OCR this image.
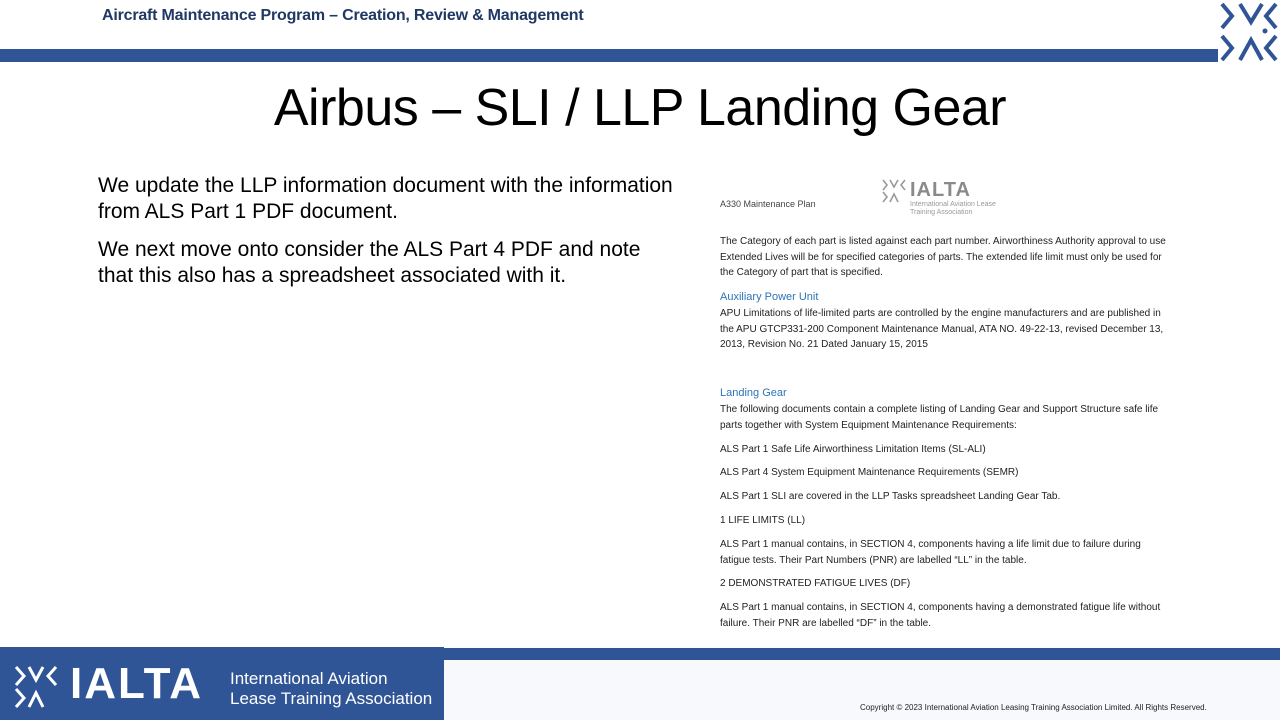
Aircraft Maintenance Program – Creation, Review & Management
Airbus – SLI / LLP Landing Gear

We update the LLP information document with the information from ALS Part 1 PDF document.

We next move onto consider the ALS Part 4 PDF and note that this also has a spreadsheet associated with it.

A330 Maintenance Plan
IALTA
International Aviation Lease Training Association
The Category of each part is listed against each part number. Airworthiness Authority approval to use Extended Lives will be for specified categories of parts. The extended life limit must only be used for the Category of part that is specified.
Auxiliary Power Unit
APU Limitations of life-limited parts are controlled by the engine manufacturers and are published in the APU GTCP331-200 Component Maintenance Manual, ATA NO. 49-22-13, revised December 13, 2013, Revision No. 21 Dated January 15, 2015
Landing Gear
The following documents contain a complete listing of Landing Gear and Support Structure safe life parts together with System Equipment Maintenance Requirements:
ALS Part 1 Safe Life Airworthiness Limitation Items (SL-ALI)
ALS Part 4 System Equipment Maintenance Requirements (SEMR)
ALS Part 1 SLI are covered in the LLP Tasks spreadsheet Landing Gear Tab.
1 LIFE LIMITS (LL)
ALS Part 1 manual contains, in SECTION 4, components having a life limit due to failure during fatigue tests. Their Part Numbers (PNR) are labelled “LL” in the table.
2 DEMONSTRATED FATIGUE LIVES (DF)
ALS Part 1 manual contains, in SECTION 4, components having a demonstrated fatigue life without failure. Their PNR are labelled “DF” in the table.
IALTA International Aviation
Lease Training Association	Copyright © 2023 International Aviation Leasing Training Association Limited. All Rights Reserved.
